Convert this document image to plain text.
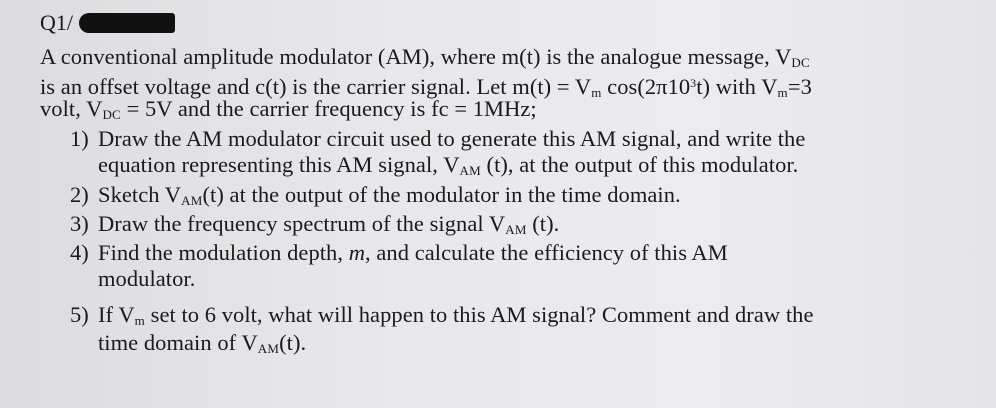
Q1/
A conventional amplitude modulator (AM), where m(t) is the analogue message, $V_{DC}$
is an offset voltage and c(t) is the carrier signal. Let $m(t) = V_m$ $\cos(2\pi 10^3t)$ with $V_m=3$
volt, $V_{DC} = 5V$ and the carrier frequency is fc = 1MHz;
1) Draw the AM modulator circuit used to generate this AM signal, and write the
equation representing this AM signal, $V_{AM}$ (t), at the output of this modulator.
2) Sketch $V_{AM}(t)$ at the output of the modulator in the time domain.
3) Draw the frequency spectrum of the signal $V_{AM}$ (t).
4) Find the modulation depth, m, and calculate the efficiency of this AM
modulator.
5) If $V_m$ set to 6 volt, what will happen to this AM signal? Comment and draw the
time domain of $V_{AM}(t)$.
